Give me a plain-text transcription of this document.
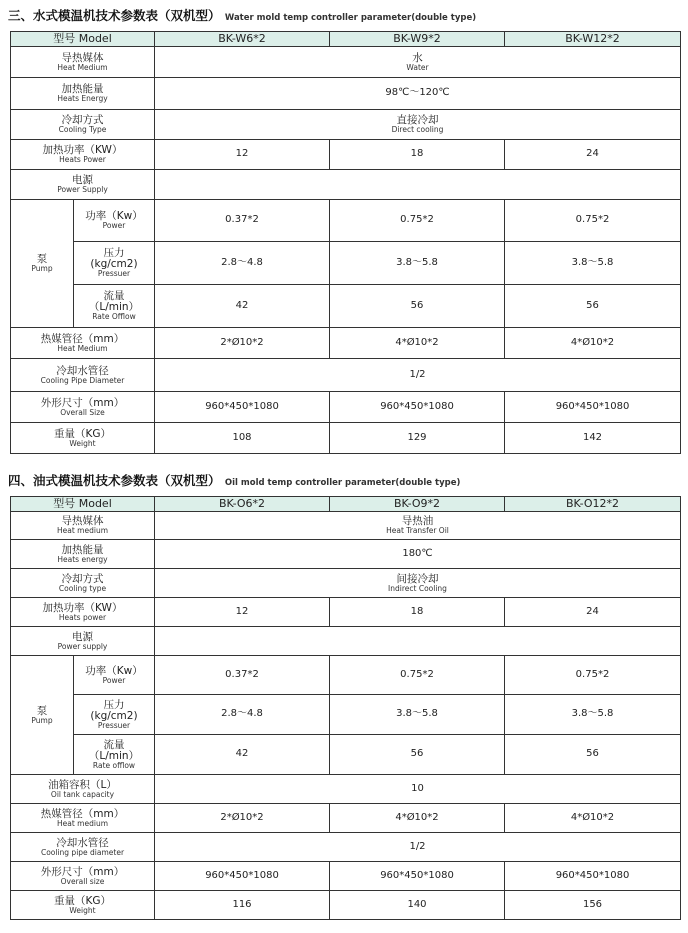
三、水式模温机技术参数表（双机型） Water mold temp controller parameter(double type)
型号 Model		BK-W6*2	BK-W9*2	BK-W12*2

导热媒体
Heat Medium		水
Water		

加热能量
Heats Energy		98℃～120℃		

冷却方式
Cooling Type		直接冷却
Direct cooling		

加热功率（KW）
Heats Power		12	18	24

电源
Power Supply				

泵
Pump	功率（Kw）
Power	0.37*2	0.75*2	0.75*2

	压力
(kg/cm2)
Pressuer	2.8～4.8	3.8～5.8	3.8～5.8

	流量
（L/min）
Rate Offlow	42	56	56

热媒管径（mm）
Heat Medium		2*Ø10*2	4*Ø10*2	4*Ø10*2

冷却水管径
Cooling Pipe Diameter		1/2		

外形尺寸（mm）
Overall Size		960*450*1080	960*450*1080	960*450*1080

重量（KG）
Weight		108	129	142
四、油式模温机技术参数表（双机型） Oil mold temp controller parameter(double type)
型号 Model		BK-O6*2	BK-O9*2	BK-O12*2

导热媒体
Heat medium		导热油
Heat Transfer Oil		

加热能量
Heats energy		180℃		

冷却方式
Cooling type		间接冷却
Indirect Cooling		

加热功率（KW）
Heats power		12	18	24

电源
Power supply				

泵
Pump	功率（Kw）
Power	0.37*2	0.75*2	0.75*2

	压力
(kg/cm2)
Pressuer	2.8～4.8	3.8～5.8	3.8～5.8

	流量
（L/min）
Rate offlow	42	56	56

油箱容积（L）
Oil tank capacity		10		

热媒管径（mm）
Heat medium		2*Ø10*2	4*Ø10*2	4*Ø10*2

冷却水管径
Cooling pipe diameter		1/2		

外形尺寸（mm）
Overall size		960*450*1080	960*450*1080	960*450*1080

重量（KG）
Weight		116	140	156
